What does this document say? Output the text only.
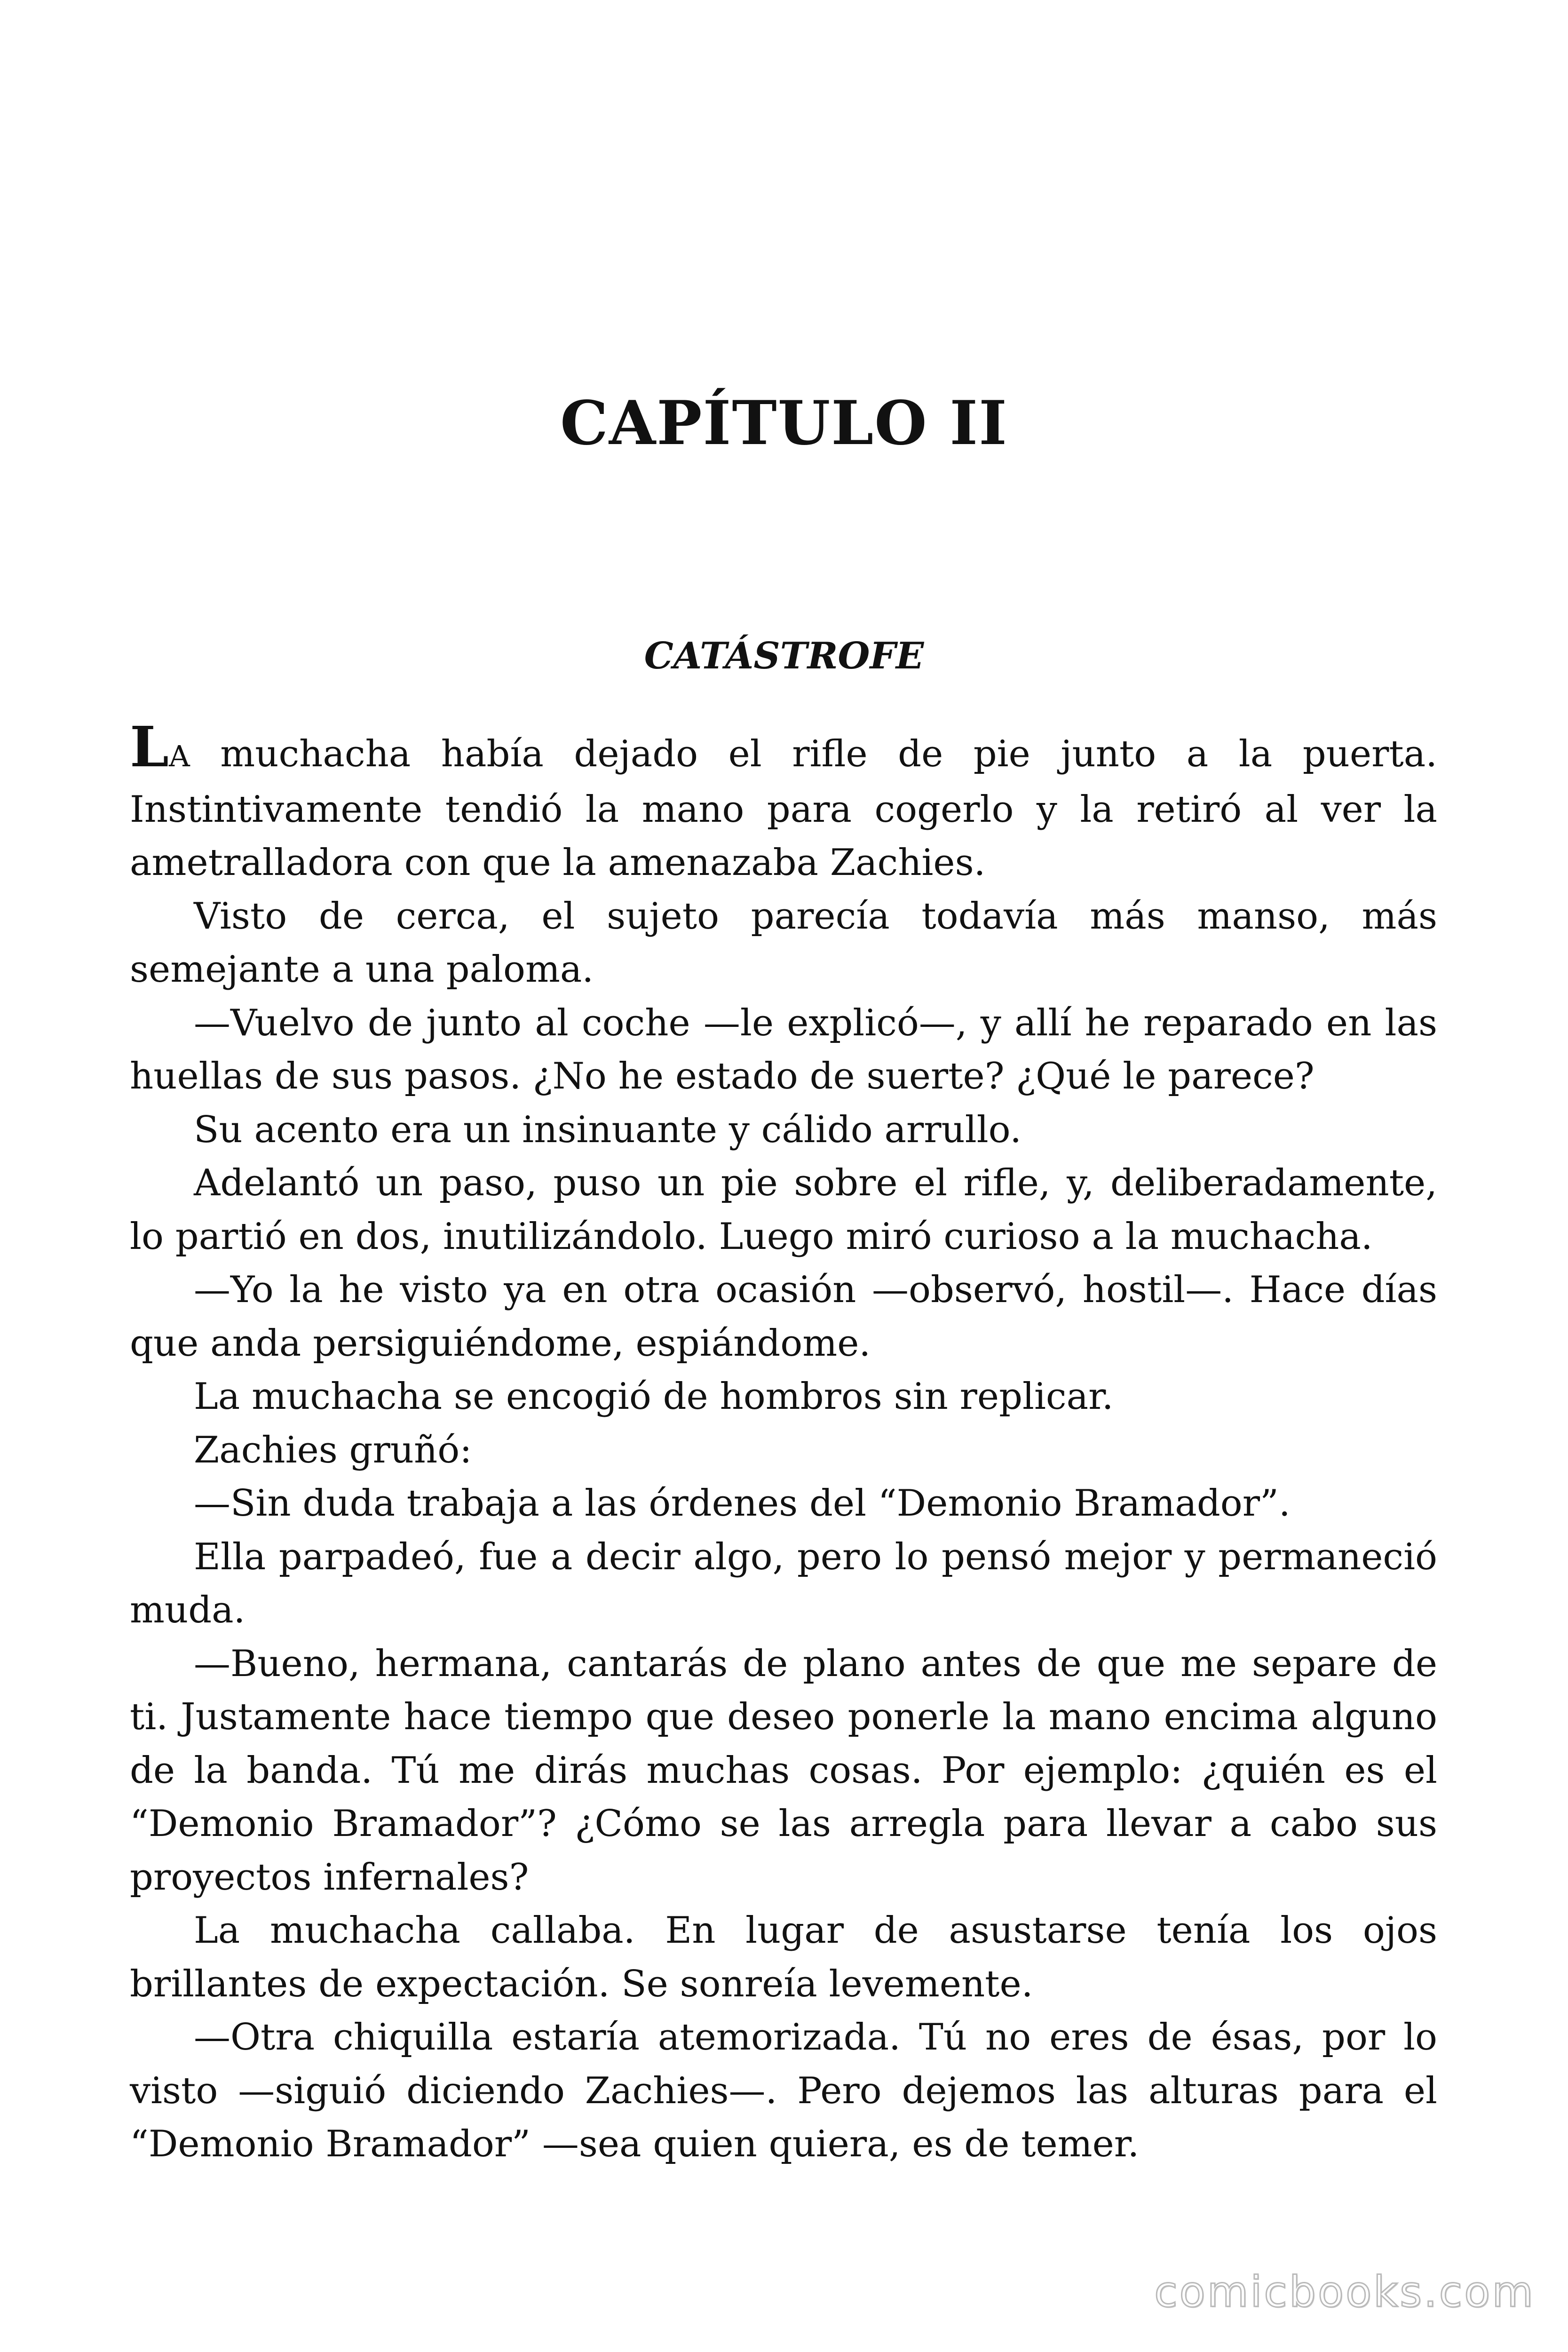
CAPÍTULO II
CATÁSTROFE

LA muchacha había dejado el rifle de pie junto a la puerta. Instintivamente tendió la mano para cogerlo y la retiró al ver la ametralladora con que la amenazaba Zachies.

Visto de cerca, el sujeto parecía todavía más manso, más semejante a una paloma.

—Vuelvo de junto al coche —le explicó—, y allí he reparado en las huellas de sus pasos. ¿No he estado de suerte? ¿Qué le parece?

Su acento era un insinuante y cálido arrullo.

Adelantó un paso, puso un pie sobre el rifle, y, deliberadamente, lo partió en dos, inutilizándolo. Luego miró curioso a la muchacha.

—Yo la he visto ya en otra ocasión —observó, hostil—. Hace días que anda persiguiéndome, espiándome.

La muchacha se encogió de hombros sin replicar.

Zachies gruñó:

—Sin duda trabaja a las órdenes del “Demonio Bramador”.

Ella parpadeó, fue a decir algo, pero lo pensó mejor y permaneció muda.

—Bueno, hermana, cantarás de plano antes de que me separe de ti. Justamente hace tiempo que deseo ponerle la mano encima alguno de la banda. Tú me dirás muchas cosas. Por ejemplo: ¿quién es el “Demonio Bramador”? ¿Cómo se las arregla para llevar a cabo sus proyectos infernales?

La muchacha callaba. En lugar de asustarse tenía los ojos brillantes de expectación. Se sonreía levemente.

—Otra chiquilla estaría atemorizada. Tú no eres de ésas, por lo visto —siguió diciendo Zachies—. Pero dejemos las alturas para el “Demonio Bramador” —sea quien quiera, es de temer.

comicbooks.com
